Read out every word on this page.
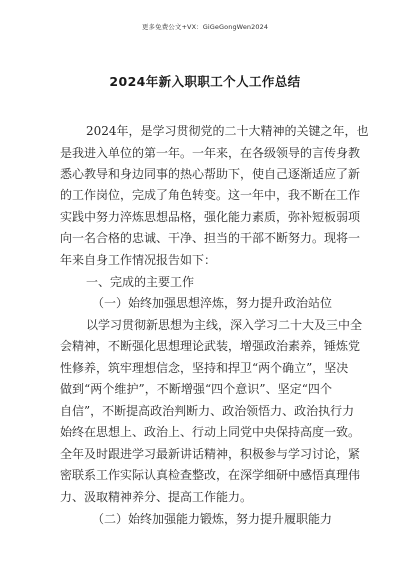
更多免费公文+VX：GiGeGongWen2024
2024年新入职职工个人工作总结
2024年，是学习贯彻党的二十大精神的关键之年，也
是我进入单位的第一年。一年来，在各级领导的言传身教
悉心教导和身边同事的热心帮助下，使自己逐渐适应了新
的工作岗位，完成了角色转变。这一年中，我不断在工作
实践中努力淬炼思想品格，强化能力素质，弥补短板弱项
向一名合格的忠诚、干净、担当的干部不断努力。现将一
年来自身工作情况报告如下：
一、完成的主要工作
（一）始终加强思想淬炼，努力提升政治站位
以学习贯彻新思想为主线，深入学习二十大及三中全
会精神，不断强化思想理论武装，增强政治素养，锤炼党
性修养，筑牢理想信念，坚持和捍卫“两个确立”，坚决
做到“两个维护”，不断增强“四个意识”、坚定“四个
自信”，不断提高政治判断力、政治领悟力、政治执行力
始终在思想上、政治上、行动上同党中央保持高度一致。
全年及时跟进学习最新讲话精神，积极参与学习讨论，紧
密联系工作实际认真检查整改，在深学细研中感悟真理伟
力、汲取精神养分、提高工作能力。
（二）始终加强能力锻炼，努力提升履职能力
